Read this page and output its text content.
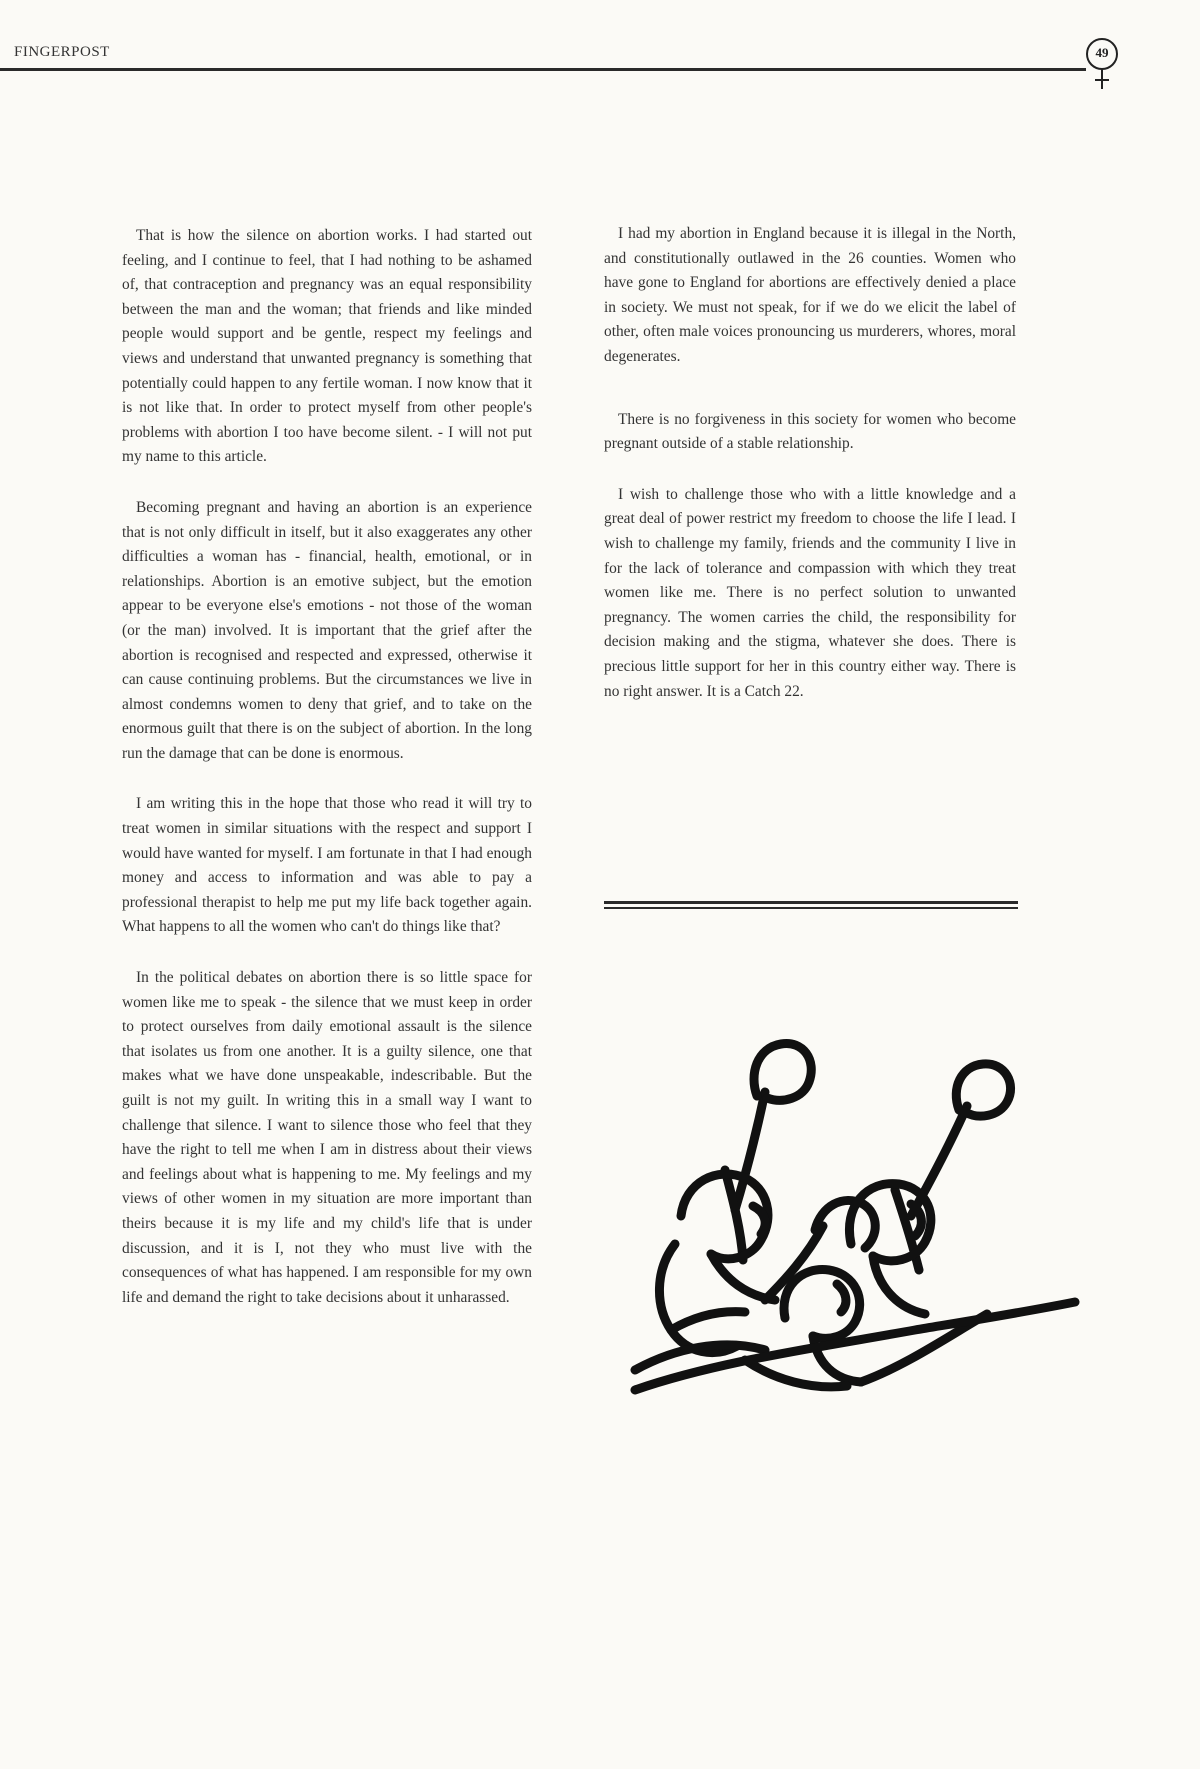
FINGERPOST	49

That is how the silence on abortion works. I had started out feeling, and I continue to feel, that I had nothing to be ashamed of, that contraception and pregnancy was an equal responsibility between the man and the woman; that friends and like minded people would support and be gentle, respect my feelings and views and understand that unwanted pregnancy is something that potentially could happen to any fertile woman. I now know that it is not like that. In order to protect myself from other people's problems with abortion I too have become silent. - I will not put my name to this article.

Becoming pregnant and having an abortion is an experience that is not only difficult in itself, but it also exaggerates any other difficulties a woman has - financial, health, emotional, or in relationships. Abortion is an emotive subject, but the emotion appear to be everyone else's emotions - not those of the woman (or the man) involved. It is important that the grief after the abortion is recognised and respected and expressed, otherwise it can cause continuing problems. But the circumstances we live in almost condemns women to deny that grief, and to take on the enormous guilt that there is on the subject of abortion. In the long run the damage that can be done is enormous.

I am writing this in the hope that those who read it will try to treat women in similar situations with the respect and support I would have wanted for myself. I am fortunate in that I had enough money and access to information and was able to pay a professional therapist to help me put my life back together again. What happens to all the women who can't do things like that?

In the political debates on abortion there is so little space for women like me to speak - the silence that we must keep in order to protect ourselves from daily emotional assault is the silence that isolates us from one another. It is a guilty silence, one that makes what we have done unspeakable, indescribable. But the guilt is not my guilt. In writing this in a small way I want to challenge that silence. I want to silence those who feel that they have the right to tell me when I am in distress about their views and feelings about what is happening to me. My feelings and my views of other women in my situation are more important than theirs because it is my life and my child's life that is under discussion, and it is I, not they who must live with the consequences of what has happened. I am responsible for my own life and demand the right to take decisions about it unharassed.

I had my abortion in England because it is illegal in the North, and constitutionally outlawed in the 26 counties. Women who have gone to England for abortions are effectively denied a place in society. We must not speak, for if we do we elicit the label of other, often male voices pronouncing us murderers, whores, moral degenerates.

There is no forgiveness in this society for women who become pregnant outside of a stable relationship.

I wish to challenge those who with a little knowledge and a great deal of power restrict my freedom to choose the life I lead. I wish to challenge my family, friends and the community I live in for the lack of tolerance and compassion with which they treat women like me. There is no perfect solution to unwanted pregnancy. The women carries the child, the responsibility for decision making and the stigma, whatever she does. There is precious little support for her in this country either way. There is no right answer. It is a Catch 22.
